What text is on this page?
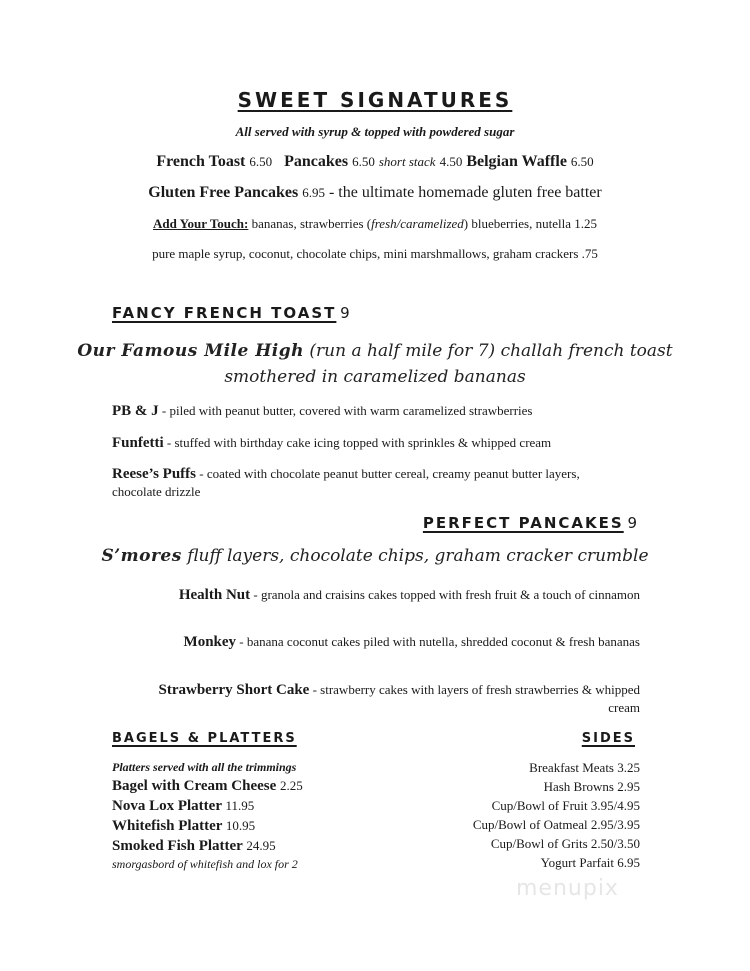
SWEET SIGNATURES
All served with syrup & topped with powdered sugar
French Toast 6.50 Pancakes 6.50 short stack 4.50 Belgian Waffle 6.50
Gluten Free Pancakes 6.95 - the ultimate homemade gluten free batter
Add Your Touch: bananas, strawberries (fresh/caramelized) blueberries, nutella 1.25
pure maple syrup, coconut, chocolate chips, mini marshmallows, graham crackers .75
FANCY FRENCH TOAST 9
Our Famous Mile High (run a half mile for 7) challah french toast
smothered in caramelized bananas
PB & J - piled with peanut butter, covered with warm caramelized strawberries
Funfetti - stuffed with birthday cake icing topped with sprinkles & whipped cream
Reese’s Puffs - coated with chocolate peanut butter cereal, creamy peanut butter layers, chocolate drizzle
PERFECT PANCAKES 9
S’mores fluff layers, chocolate chips, graham cracker crumble
Health Nut - granola and craisins cakes topped with fresh fruit & a touch of cinnamon
Monkey - banana coconut cakes piled with nutella, shredded coconut & fresh bananas
Strawberry Short Cake - strawberry cakes with layers of fresh strawberries & whipped cream
BAGELS & PLATTERS	SIDES
Platters served with all the trimmings
Bagel with Cream Cheese 2.25
Nova Lox Platter 11.95
Whitefish Platter 10.95
Smoked Fish Platter 24.95
smorgasbord of whitefish and lox for 2
Breakfast Meats 3.25
Hash Browns 2.95
Cup/Bowl of Fruit 3.95/4.95
Cup/Bowl of Oatmeal 2.95/3.95
Cup/Bowl of Grits 2.50/3.50
Yogurt Parfait 6.95
menupix
